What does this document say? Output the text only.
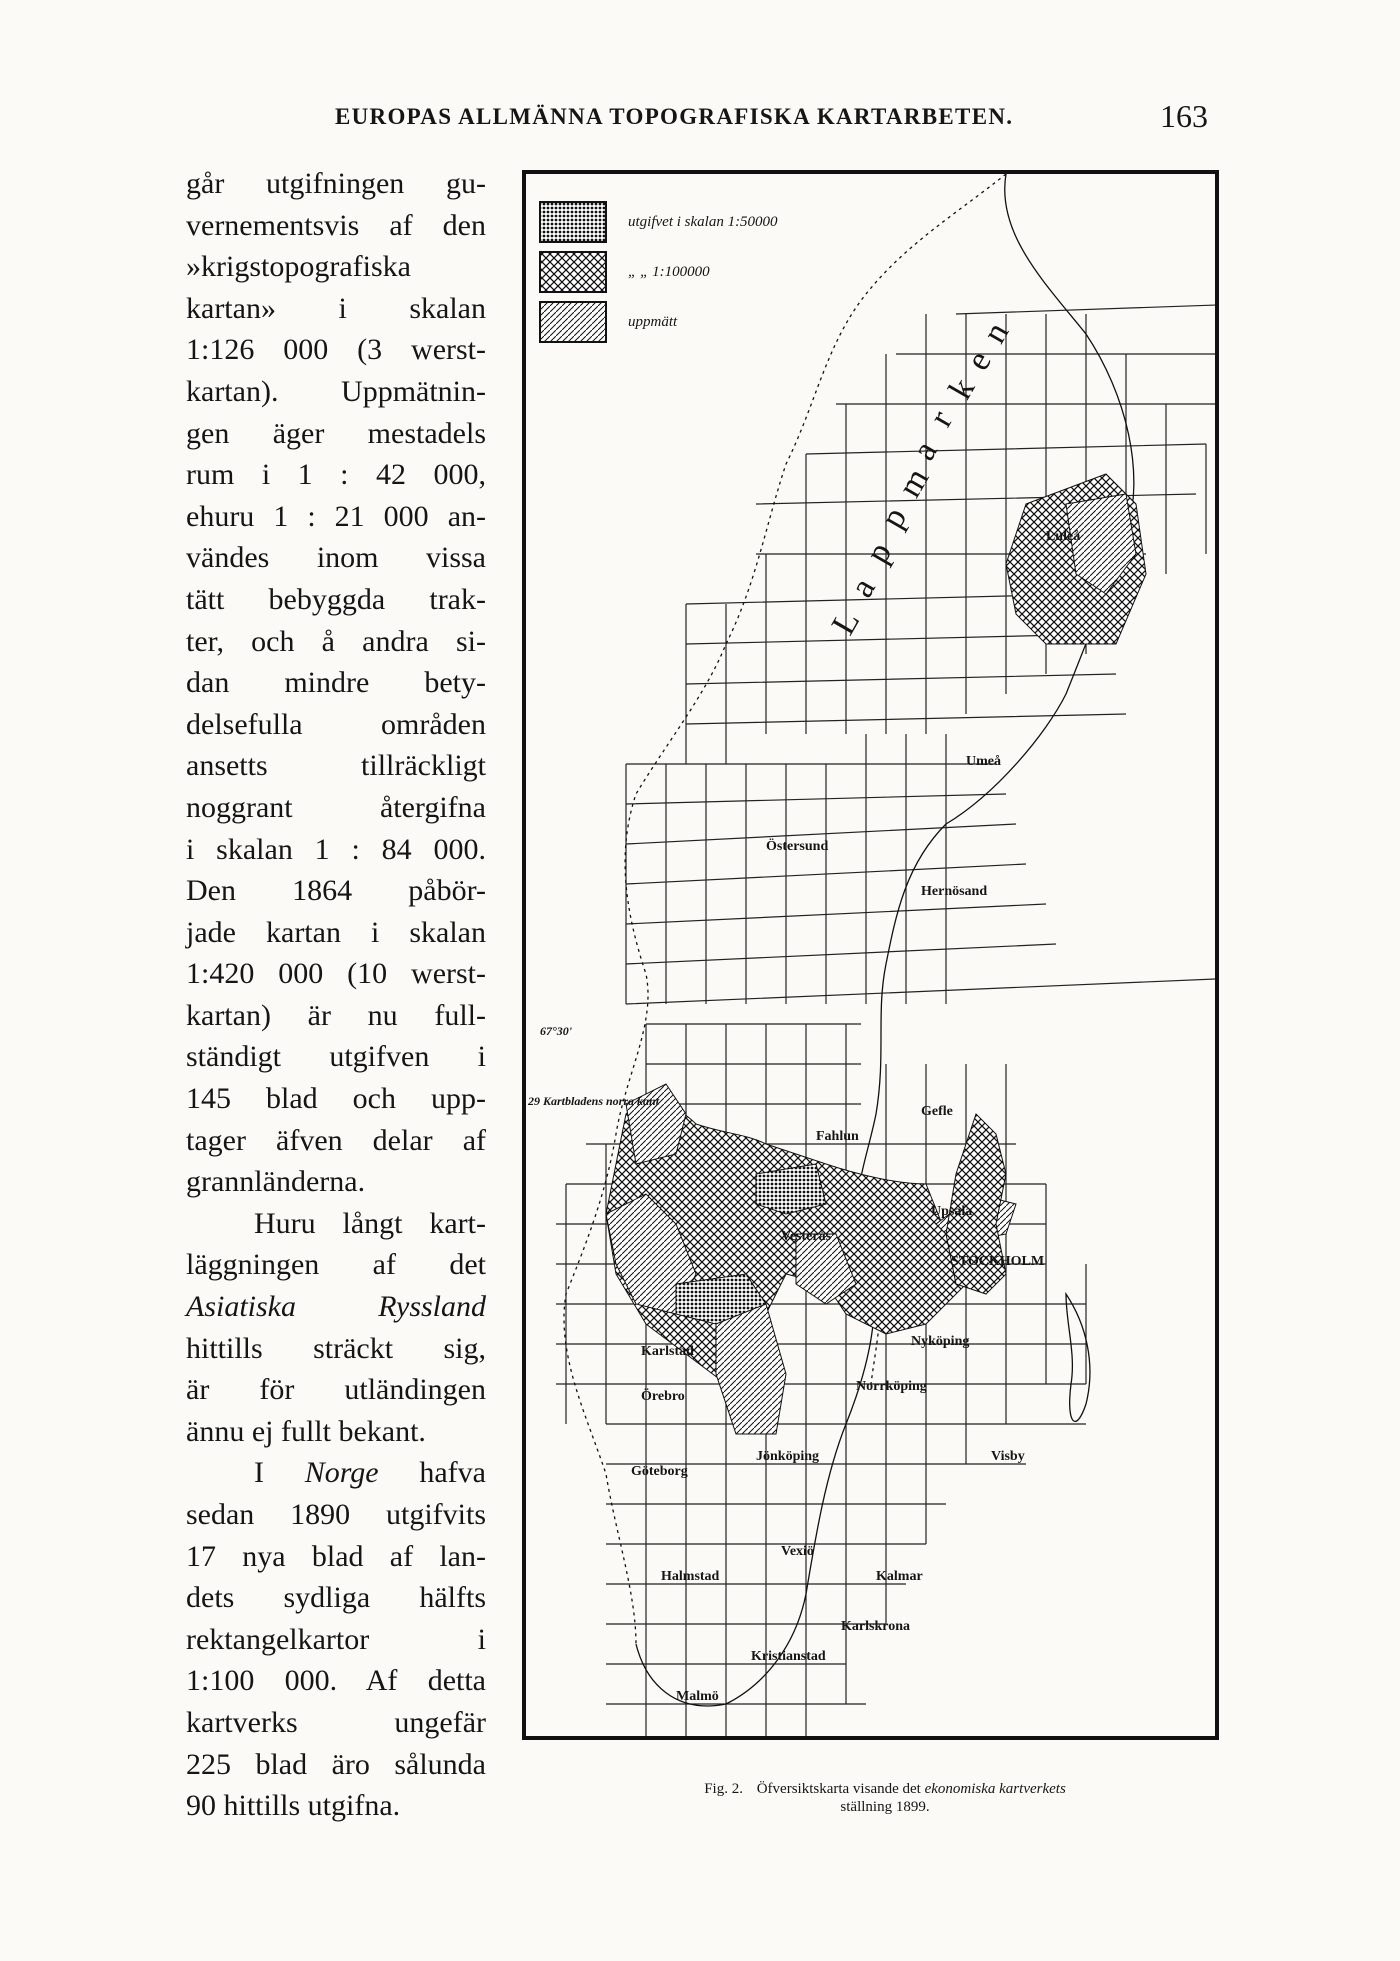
EUROPAS ALLMÄNNA TOPOGRAFISKA KARTARBETEN.	163

går utgifningen gu-
vernementsvis af den
»krigstopografiska
kartan» i skalan
1:126 000 (3 werst-
kartan). Uppmätnin-
gen äger mestadels
rum i 1 : 42 000,
ehuru 1 : 21 000 an-
vändes inom vissa
tätt bebyggda trak-
ter, och å andra si-
dan mindre bety-
delsefulla områden
ansetts tillräckligt
noggrant återgifna
i skalan 1 : 84 000.
Den 1864 påbör-
jade kartan i skalan
1:420 000 (10 werst-
kartan) är nu full-
ständigt utgifven i
145 blad och upp-
tager äfven delar af
grannländerna.

Huru långt kart-
läggningen af det
Asiatiska Ryssland
hittills sträckt sig,
är för utländingen
ännu ej fullt bekant.

I Norge hafva
sedan 1890 utgifvits
17 nya blad af lan-
dets sydliga hälfts
rektangelkartor i
1:100 000. Af detta
kartverks ungefär
225 blad äro sålunda
90 hittills utgifna.

utgifvet i skalan 1:50000
„ „ 1:100000
uppmätt
L
a
p
p
m
a
r
k
e
n
Luleå
Umeå
Östersund
Hernösand
Gefle
Fahlun
Upsala
Vesterås
STOCKHOLM
Karlstad
Nyköping
Örebro
Norrköping
Jönköping	Visby
Göteborg
Vexiö
Halmstad	Kalmar
Karlskrona
Kristianstad
Malmö
67°30'
29 Kartbladens norra kant
Fig. 2. Öfversiktskarta visande det ekonomiska kartverkets
ställning 1899.
